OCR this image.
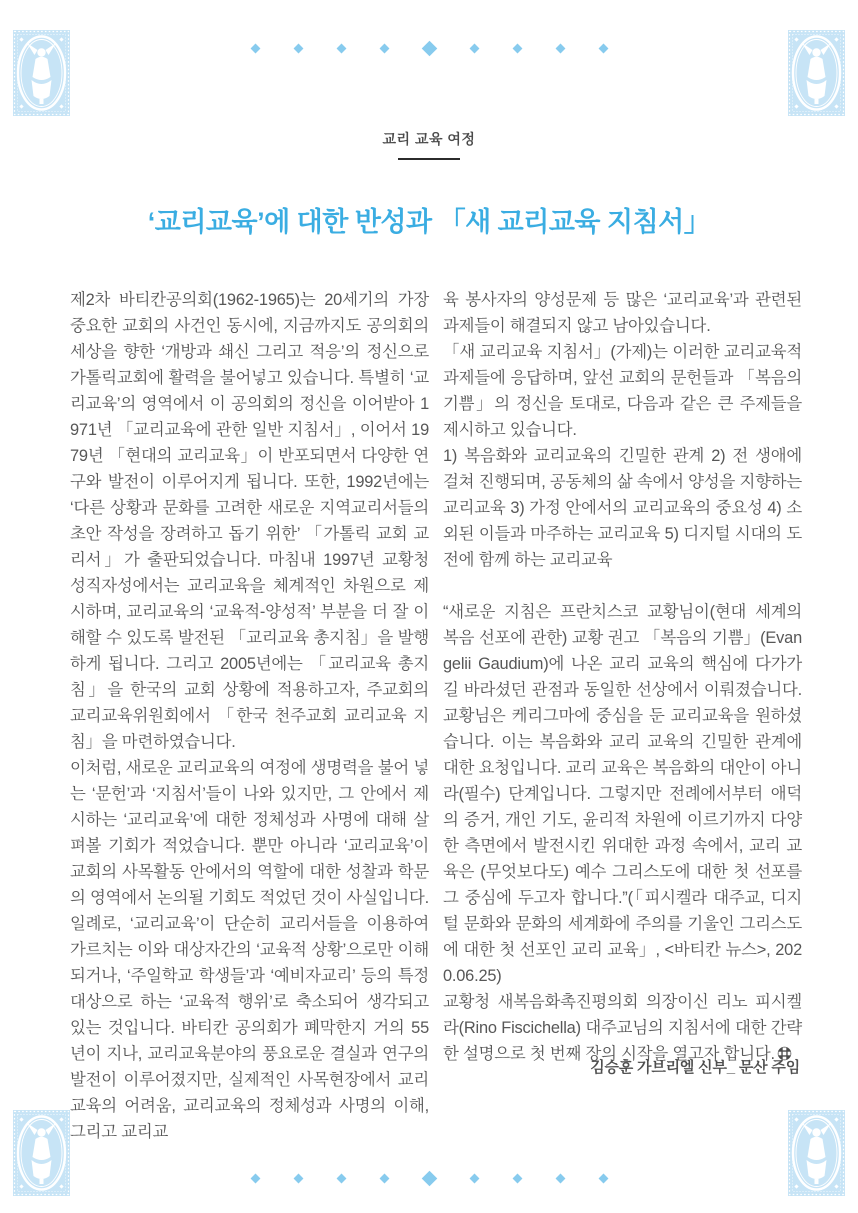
교리 교육 여정
‘교리교육’에 대한 반성과 「새 교리교육 지침서」

제2차 바티칸공의회(1962-1965)는 20세기의 가장 중요한 교회의 사건인 동시에, 지금까지도 공의회의 세상을 향한 ‘개방과 쇄신 그리고 적응’의 정신으로 가톨릭교회에 활력을 불어넣고 있습니다. 특별히 ‘교리교육’의 영역에서 이 공의회의 정신을 이어받아 1971년 「교리교육에 관한 일반 지침서」, 이어서 1979년 「현대의 교리교육」이 반포되면서 다양한 연구와 발전이 이루어지게 됩니다. 또한, 1992년에는 ‘다른 상황과 문화를 고려한 새로운 지역교리서들의 초안 작성을 장려하고 돕기 위한’ 「가톨릭 교회 교리서」가 출판되었습니다. 마침내 1997년 교황청 성직자성에서는 교리교육을 체계적인 차원으로 제시하며, 교리교육의 ‘교육적-양성적’ 부분을 더 잘 이해할 수 있도록 발전된 「교리교육 총지침」을 발행하게 됩니다. 그리고 2005년에는 「교리교육 총지침」을 한국의 교회 상황에 적용하고자, 주교회의 교리교육위원회에서 「한국 천주교회 교리교육 지침」을 마련하였습니다.

이처럼, 새로운 교리교육의 여정에 생명력을 불어 넣는 ‘문헌’과 ‘지침서’들이 나와 있지만, 그 안에서 제시하는 ‘교리교육’에 대한 정체성과 사명에 대해 살펴볼 기회가 적었습니다. 뿐만 아니라 ‘교리교육’이 교회의 사목활동 안에서의 역할에 대한 성찰과 학문의 영역에서 논의될 기회도 적었던 것이 사실입니다. 일례로, ‘교리교육’이 단순히 교리서들을 이용하여 가르치는 이와 대상자간의 ‘교육적 상황’으로만 이해되거나, ‘주일학교 학생들’과 ‘예비자교리’ 등의 특정대상으로 하는 ‘교육적 행위’로 축소되어 생각되고 있는 것입니다. 바티칸 공의회가 폐막한지 거의 55년이 지나, 교리교육분야의 풍요로운 결실과 연구의 발전이 이루어졌지만, 실제적인 사목현장에서 교리교육의 어려움, 교리교육의 정체성과 사명의 이해, 그리고 교리교

육 봉사자의 양성문제 등 많은 ‘교리교육’과 관련된 과제들이 해결되지 않고 남아있습니다.

「새 교리교육 지침서」(가제)는 이러한 교리교육적 과제들에 응답하며, 앞선 교회의 문헌들과 「복음의 기쁨」의 정신을 토대로, 다음과 같은 큰 주제들을 제시하고 있습니다.

1) 복음화와 교리교육의 긴밀한 관계 2) 전 생애에 걸쳐 진행되며, 공동체의 삶 속에서 양성을 지향하는 교리교육 3) 가정 안에서의 교리교육의 중요성 4) 소외된 이들과 마주하는 교리교육 5) 디지털 시대의 도전에 함께 하는 교리교육

“새로운 지침은 프란치스코 교황님이(현대 세계의 복음 선포에 관한) 교황 권고 「복음의 기쁨」(Evangelii Gaudium)에 나온 교리 교육의 핵심에 다가가길 바라셨던 관점과 동일한 선상에서 이뤄졌습니다. 교황님은 케리그마에 중심을 둔 교리교육을 원하셨습니다. 이는 복음화와 교리 교육의 긴밀한 관계에 대한 요청입니다. 교리 교육은 복음화의 대안이 아니라(필수) 단계입니다. 그렇지만 전례에서부터 애덕의 증거, 개인 기도, 윤리적 차원에 이르기까지 다양한 측면에서 발전시킨 위대한 과정 속에서, 교리 교육은 (무엇보다도) 예수 그리스도에 대한 첫 선포를 그 중심에 두고자 합니다.”(「피시켈라 대주교, 디지털 문화와 문화의 세계화에 주의를 기울인 그리스도에 대한 첫 선포인 교리 교육」, <바티칸 뉴스>, 2020.06.25)

교황청 새복음화촉진평의회 의장이신 리노 피시켈라(Rino Fiscichella) 대주교님의 지침서에 대한 간략한 설명으로 첫 번째 장의 시작을 열고자 합니다.

김승훈 가브리엘 신부_ 문산 주임
